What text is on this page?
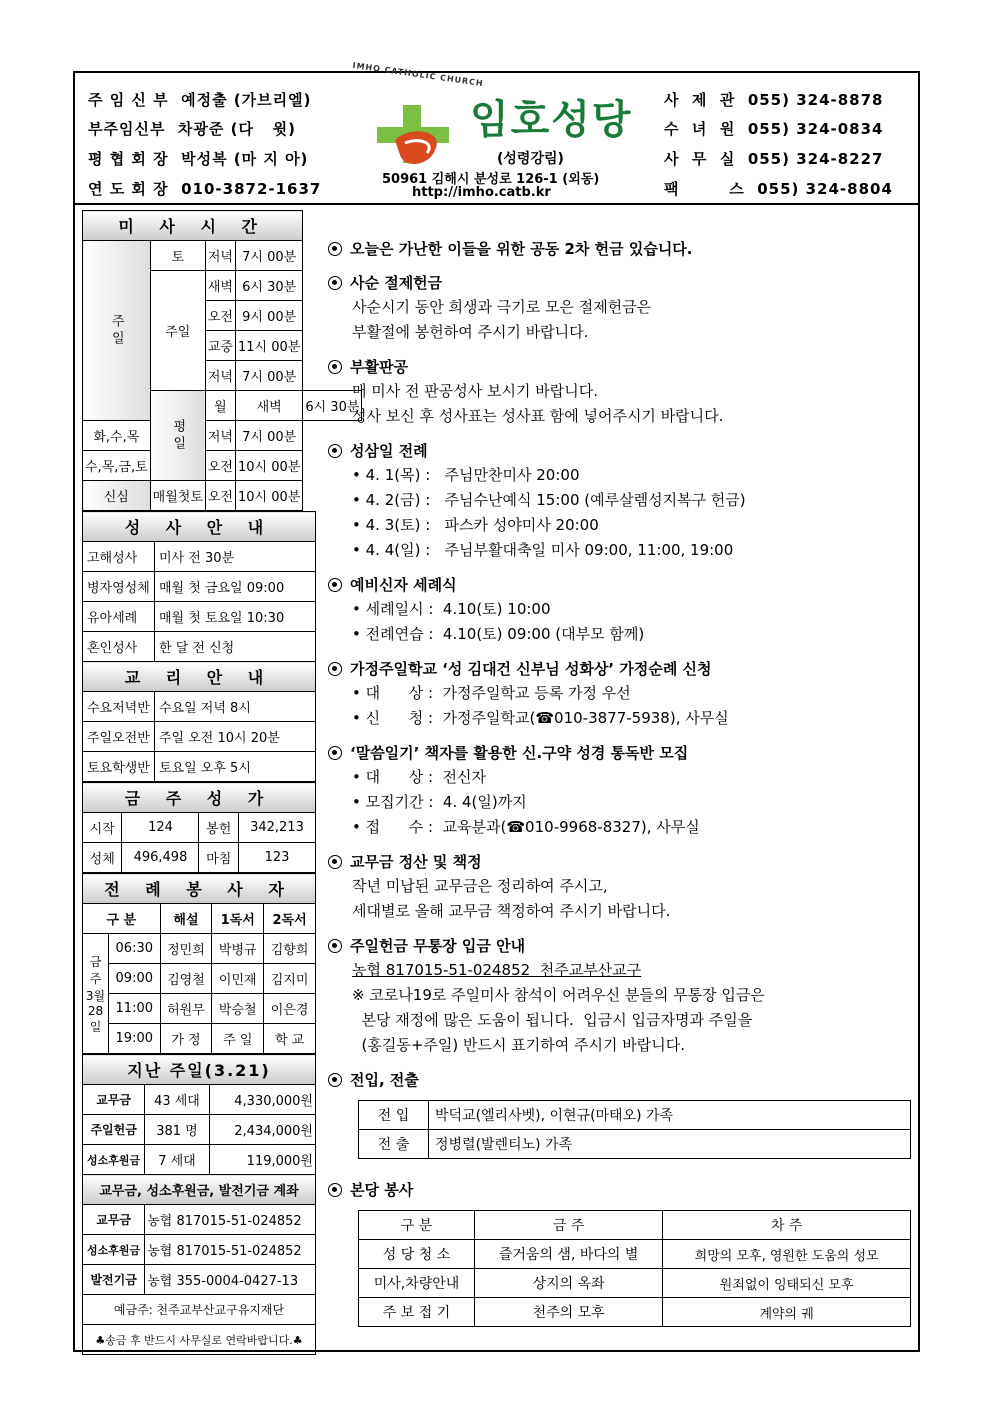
주 임 신 부 예정출 (가브리엘)
부주임신부 차광준 (다   윗)
평 협 회 장 박성복 (마 지 아)
연 도 회 장 010-3872-1637
IMHO CATHOLIC CHURCH
임호성당
(성령강림)
50961 김해시 분성로 126-1 (외동)
http://imho.catb.kr
사  제  관 055) 324-8878
수  녀  원 055) 324-0834
사  무  실 055) 324-8227
팩        스 055) 324-8804
미 사 시 간				
주일	토	저녁	7시 00분	
	주일	새벽	6시 30분	
		오전	9시 00분	
		교중	11시 00분	
		저녁	7시 00분	
	평일	월	새벽	6시 30분
화,수,목		저녁	7시 00분	
수,목,금,토		오전	10시 00분	
신심	매월첫토	오전	10시 00분	
성 사 안 내	
고해성사	미사 전 30분
병자영성체	매월 첫 금요일 09:00
유아세례	매월 첫 토요일 10:30
혼인성사	한 달 전 신청
교 리 안 내	
수요저녁반	수요일 저녁 8시
주일오전반	주일 오전 10시 20분
토요학생반	토요일 오후 5시
금 주 성 가			
시작	124	봉헌	342,213
성체	496,498	마침	123
전 례 봉 사 자				
구 분		해설	1독서	2독서
금주 3월 28일	06:30	정민희	박병규	김향희
	09:00	김영철	이민재	김지미
	11:00	허원무	박승철	이은경
	19:00	가 정	주 일	학 교
지난 주일(3.21)		
교무금	43 세대	4,330,000원
주일헌금	381 명	2,434,000원
성소후원금	7 세대	119,000원
교무금, 성소후원금, 발전기금 계좌		
교무금	농협 817015-51-024852	
성소후원금	농협 817015-51-024852	
발전기금	농협 355-0004-0427-13	
예금주: 천주교부산교구유지재단		
♣송금 후 반드시 사무실로 연락바랍니다.♣		
오늘은 가난한 이들을 위한 공동 2차 헌금 있습니다.
사순 절제헌금
사순시기 동안 희생과 극기로 모은 절제헌금은
부활절에 봉헌하여 주시기 바랍니다.
부활판공
매 미사 전 판공성사 보시기 바랍니다.
성사 보신 후 성사표는 성사표 함에 넣어주시기 바랍니다.
성삼일 전례
• 4. 1(목) :   주님만찬미사 20:00
• 4. 2(금) :   주님수난예식 15:00 (예루살렘성지복구 헌금)
• 4. 3(토) :   파스카 성야미사 20:00
• 4. 4(일) :   주님부활대축일 미사 09:00, 11:00, 19:00
예비신자 세례식
• 세례일시 :  4.10(토) 10:00
• 전례연습 :  4.10(토) 09:00 (대부모 함께)
가정주일학교 ‘성 김대건 신부님 성화상’ 가정순례 신청
• 대      상 :  가정주일학교 등록 가정 우선
• 신      청 :  가정주일학교(☎010-3877-5938), 사무실
‘말씀일기’ 책자를 활용한 신.구약 성경 통독반 모집
• 대      상 :  전신자
• 모집기간 :  4. 4(일)까지
• 접      수 :  교육분과(☎010-9968-8327), 사무실
교무금 정산 및 책정
작년 미납된 교무금은 정리하여 주시고,
세대별로 올해 교무금 책정하여 주시기 바랍니다.
주일헌금 무통장 입금 안내
농협 817015-51-024852  천주교부산교구
※ 코로나19로 주일미사 참석이 어려우신 분들의 무통장 입금은
본당 재정에 많은 도움이 됩니다.  입금시 입금자명과 주일을
(홍길동+주일) 반드시 표기하여 주시기 바랍니다.
전입, 전출
전 입	박덕교(엘리사벳), 이현규(마태오) 가족
전 출	정병렬(발렌티노) 가족
본당 봉사
구 분	금 주	차 주
성 당 청 소	즐거움의 샘, 바다의 별	희망의 모후, 영원한 도움의 성모
미사,차량안내	상지의 옥좌	원죄없이 잉태되신 모후
주 보 접 기	천주의 모후	계약의 궤
